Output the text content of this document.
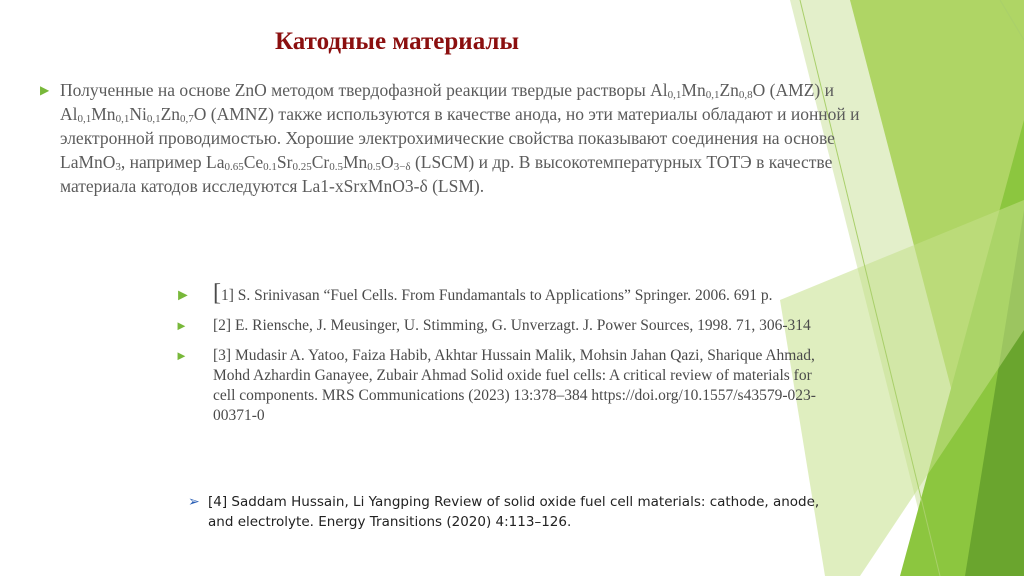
Катодные материалы
▶ Полученные на основе ZnO методом твердофазной реакции твердые растворы $Al_{0,1}Mn_{0,1}Zn_{0,8}O$ (AMZ) и $Al_{0,1}Mn_{0,1}Ni_{0,1}Zn_{0,7}O$ (AMNZ) также используются в качестве анода, но эти материалы обладают и ионной и электронной проводимостью. Хорошие электрохимические свойства показывают соединения на основе LaMnO$_3$, например $La_{0.65}Ce_{0.1}Sr_{0.25}Cr_{0.5}Mn_{0.5}O_{3-\delta}$ (LSCM) и др. В высокотемпературных ТОТЭ в качестве материала катодов исследуются La1-xSrxMnO3-δ (LSM).
► [1] S. Srinivasan “Fuel Cells. From Fundamantals to Applications” Springer. 2006. 691 p.
►	[2] E. Riensche, J. Meusinger, U. Stimming, G. Unverzagt. J. Power Sources, 1998. 71, 306-314
►	[3] Mudasir A. Yatoo, Faiza Habib, Akhtar Hussain Malik, Mohsin Jahan Qazi, Sharique Ahmad, Mohd Azhardin Ganayee, Zubair Ahmad Solid oxide fuel cells: A critical review of materials for cell components. MRS Communications (2023) 13:378–384 https://doi.org/10.1557/s43579-023-00371-0
➢ [4] Saddam Hussain, Li Yangping Review of solid oxide fuel cell materials: cathode, anode, and electrolyte. Energy Transitions (2020) 4:113–126.
